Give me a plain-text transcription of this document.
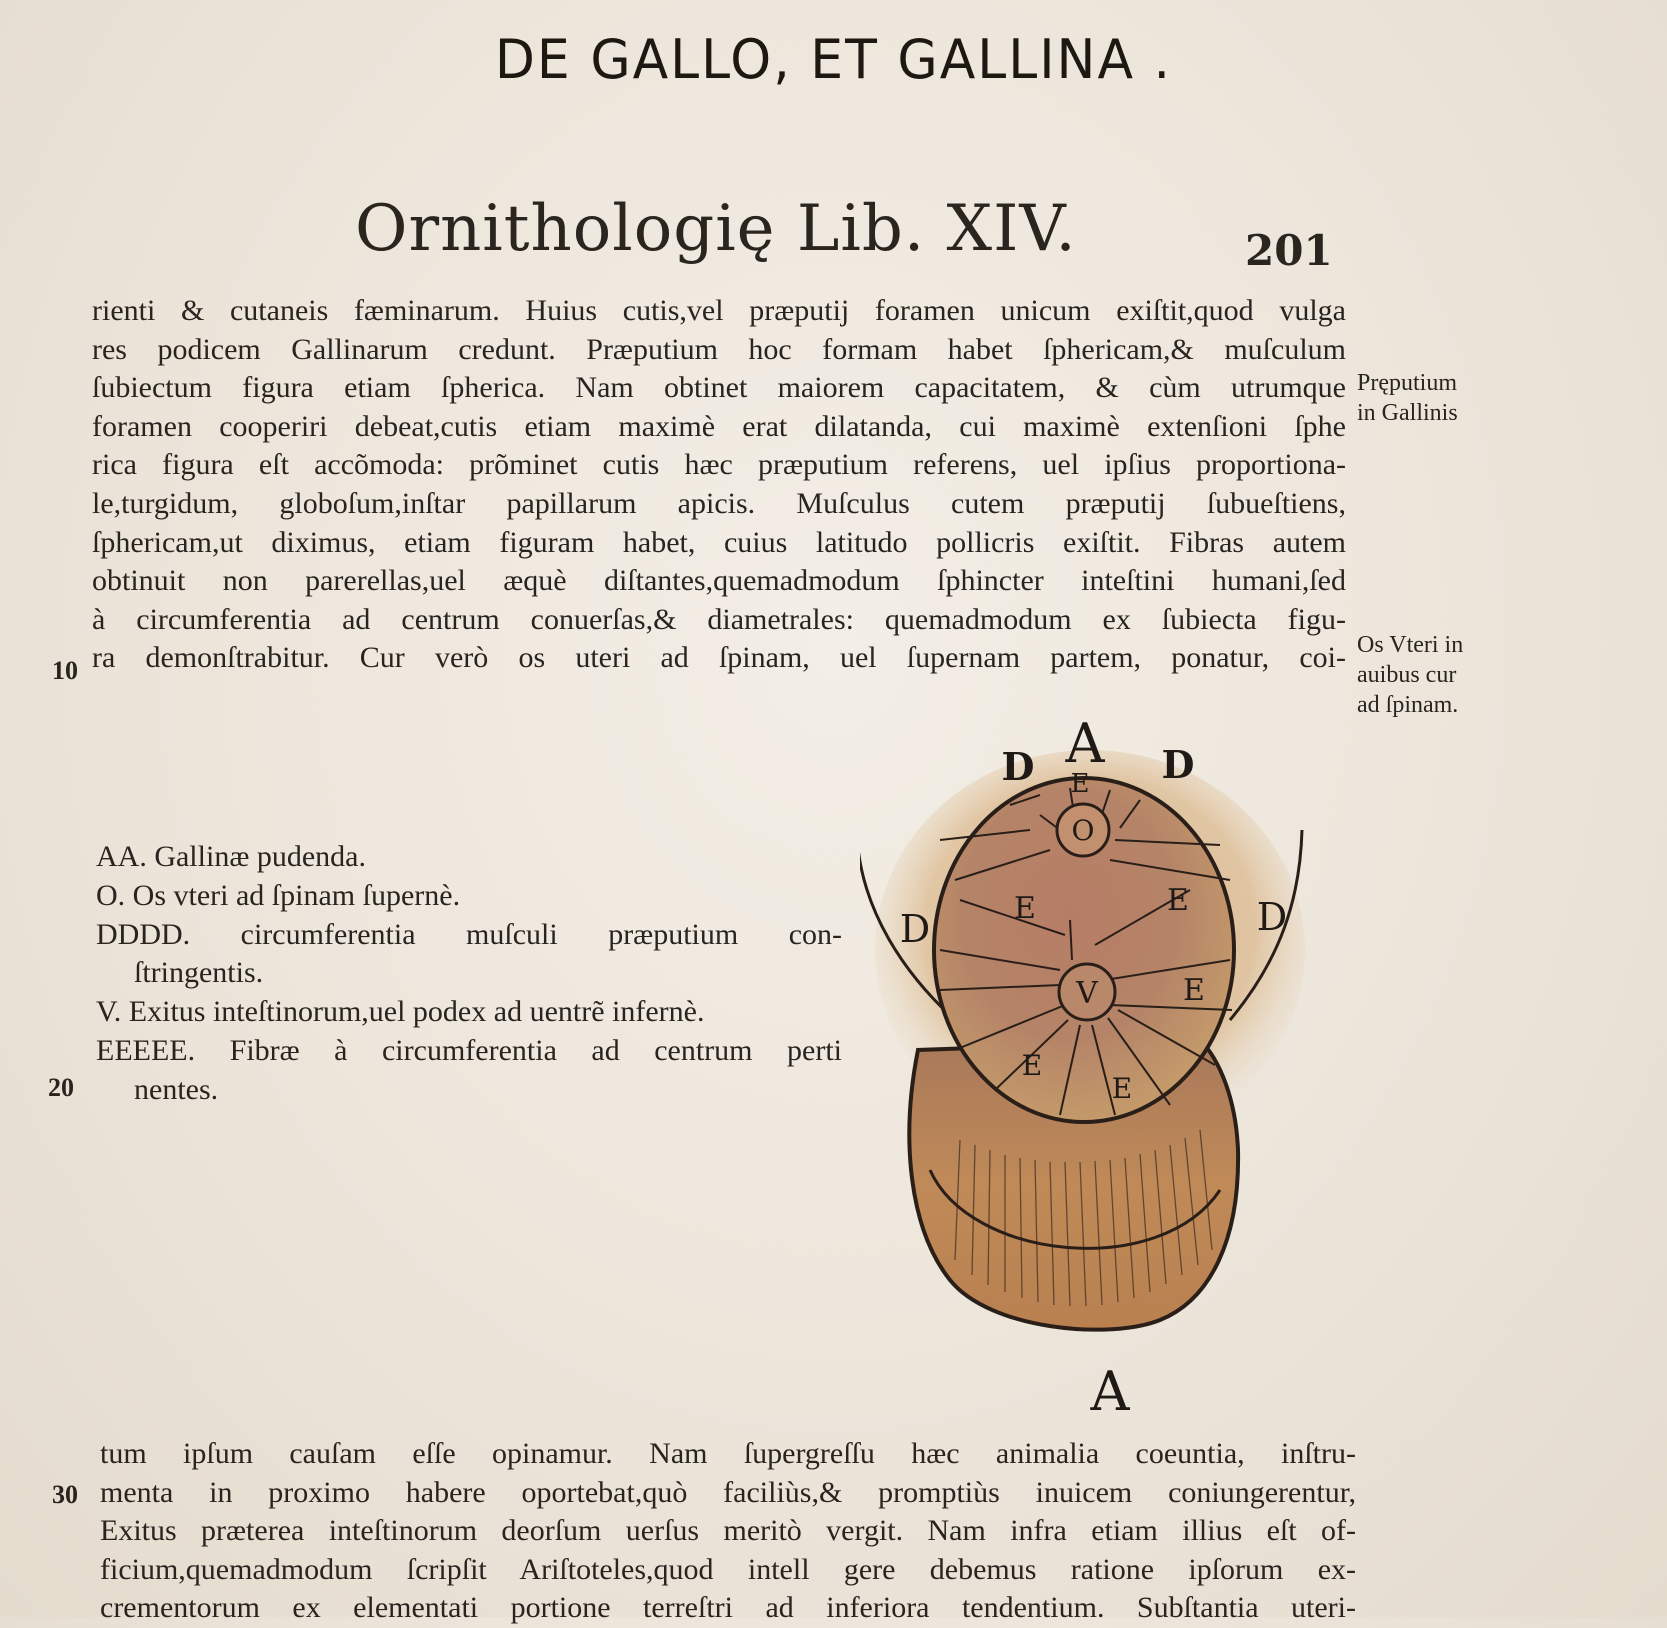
DE GALLO, ET GALLINA .
Ornithologię Lib. XIV.	201
rienti & cutaneis fæminarum. Huius cutis,vel præputij foramen unicum exiſtit,quod vulga
res podicem Gallinarum credunt. Præputium hoc formam habet ſphericam,& muſculum
ſubiectum figura etiam ſpherica. Nam obtinet maiorem capacitatem, & cùm utrumque
foramen cooperiri debeat,cutis etiam maximè erat dilatanda, cui maximè extenſioni ſphe
rica figura eſt accõmoda: prõminet cutis hæc præputium referens, uel ipſius proportiona-
le,turgidum, globoſum,inſtar papillarum apicis. Muſculus cutem præputij ſubueſtiens,
ſphericam,ut diximus, etiam figuram habet, cuius latitudo pollicris exiſtit. Fibras autem
obtinuit non parerellas,uel æquè diſtantes,quemadmodum ſphincter inteſtini humani,ſed
à circumferentia ad centrum conuerſas,& diametrales: quemadmodum ex ſubiecta figu-
ra demonſtrabitur. Cur verò os uteri ad ſpinam, uel ſupernam partem, ponatur, coi-
Pręputium
in Gallinis
Os Vteri in
auibus cur
ad ſpinam.
10
20
30
AA. Gallinæ pudenda.
O. Os vteri ad ſpinam ſupernè.
DDDD. circumferentia muſculi præputium con-
ſtringentis.
V. Exitus inteſtinorum,uel podex ad uentrẽ infernè.
EEEEE. Fibræ à circumferentia ad centrum perti
nentes.
A
D	D
D	D
E
O
E	E
V	E
E
E
A
tum ipſum cauſam eſſe opinamur. Nam ſupergreſſu hæc animalia coeuntia, inſtru-
menta in proximo habere oportebat,quò faciliùs,& promptiùs inuicem coniungerentur,
Exitus præterea inteſtinorum deorſum uerſus meritò vergit. Nam infra etiam illius eſt of-
ficium,quemadmodum ſcripſit Ariſtoteles,quod intell gere debemus ratione ipſorum ex-
crementorum ex elementati portione terreſtri ad inferiora tendentium. Subſtantia uteri-
